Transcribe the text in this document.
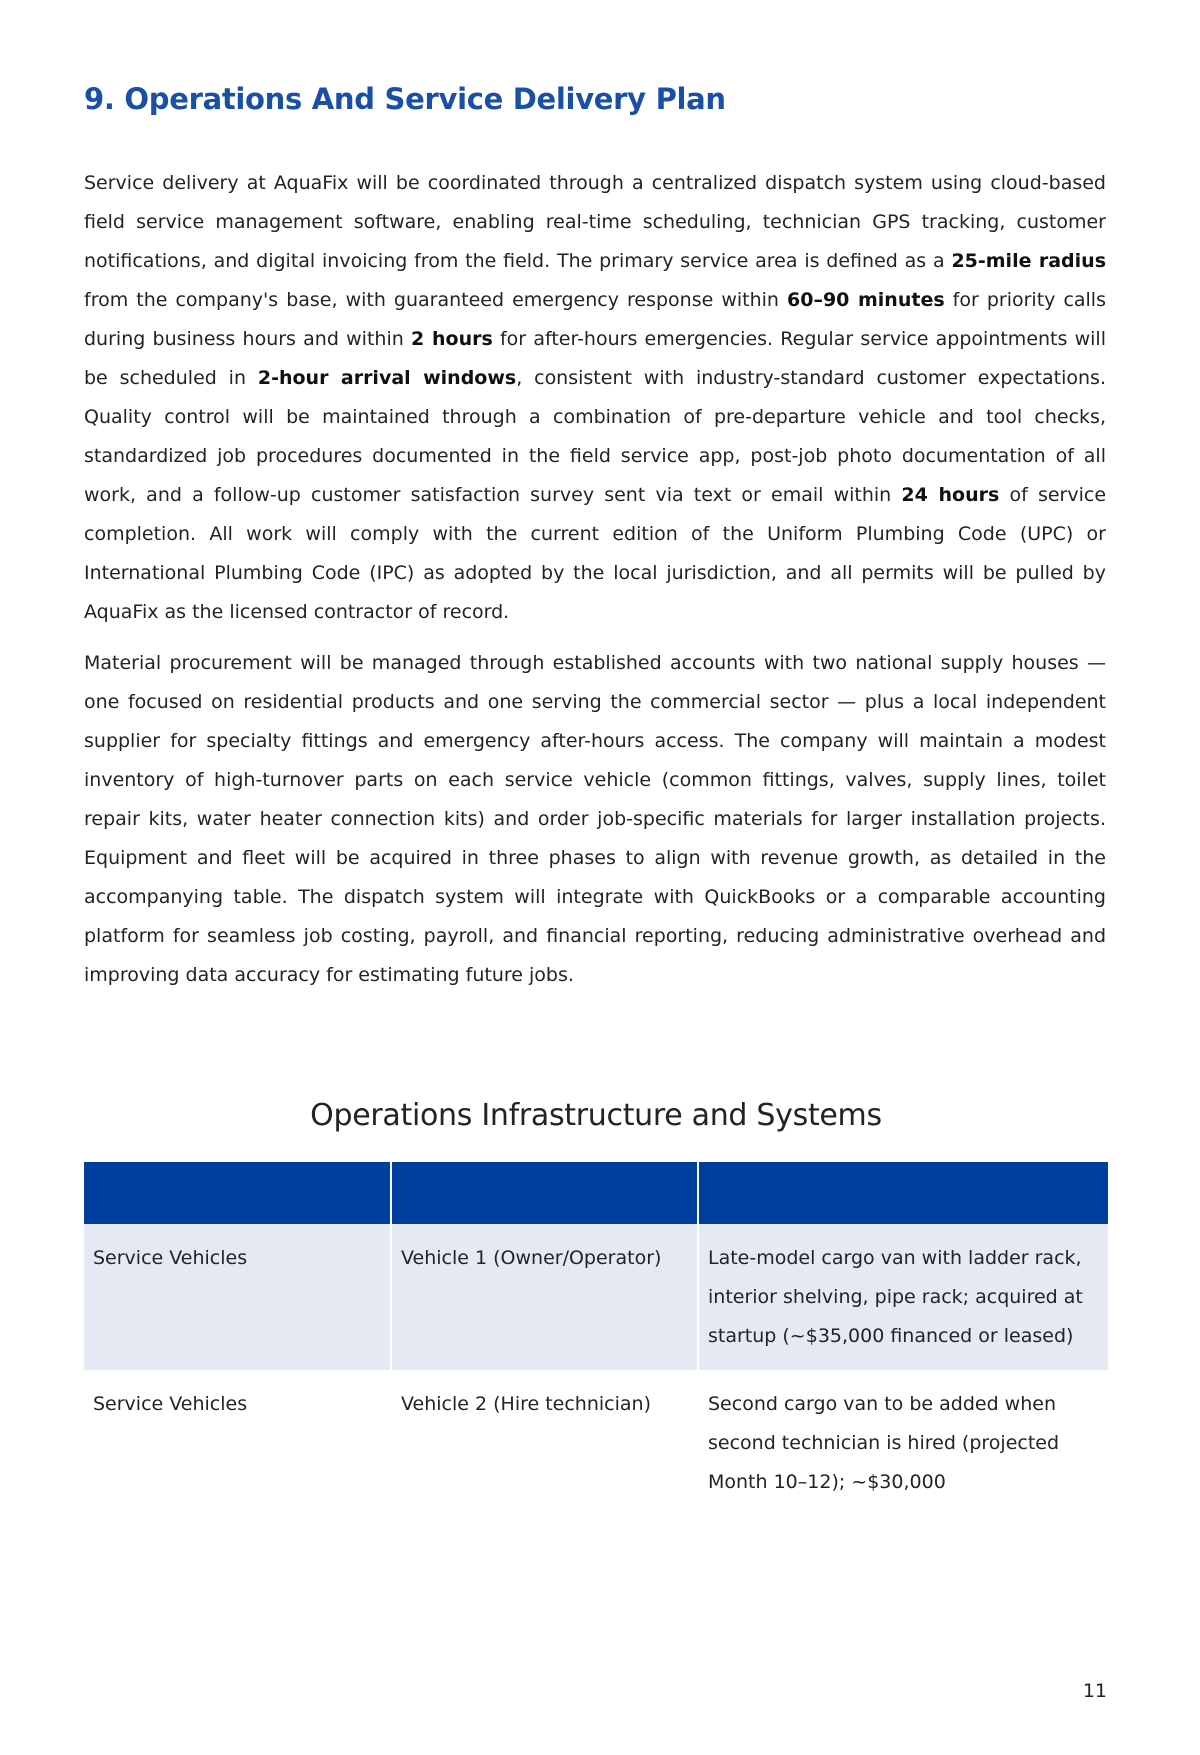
9. Operations And Service Delivery Plan

Service delivery at AquaFix will be coordinated through a centralized dispatch system using cloud-based field service management software, enabling real-time scheduling, technician GPS tracking, customer notifications, and digital invoicing from the field. The primary service area is defined as a 25-mile radius from the company's base, with guaranteed emergency response within 60–90 minutes for priority calls during business hours and within 2 hours for after-hours emergencies. Regular service appointments will be scheduled in 2-hour arrival windows, consistent with industry-standard customer expectations. Quality control will be maintained through a combination of pre-departure vehicle and tool checks, standardized job procedures documented in the field service app, post-job photo documentation of all work, and a follow-up customer satisfaction survey sent via text or email within 24 hours of service completion. All work will comply with the current edition of the Uniform Plumbing Code (UPC) or International Plumbing Code (IPC) as adopted by the local jurisdiction, and all permits will be pulled by AquaFix as the licensed contractor of record.

Material procurement will be managed through established accounts with two national supply houses — one focused on residential products and one serving the commercial sector — plus a local independent supplier for specialty fittings and emergency after-hours access. The company will maintain a modest inventory of high-turnover parts on each service vehicle (common fittings, valves, supply lines, toilet repair kits, water heater connection kits) and order job-specific materials for larger installation projects. Equipment and fleet will be acquired in three phases to align with revenue growth, as detailed in the accompanying table. The dispatch system will integrate with QuickBooks or a comparable accounting platform for seamless job costing, payroll, and financial reporting, reducing administrative overhead and improving data accuracy for estimating future jobs.

Operations Infrastructure and Systems

Service Vehicles	Vehicle 1 (Owner/Operator)	Late-model cargo van with ladder rack, interior shelving, pipe rack; acquired at startup (~$35,000 financed or leased)
Service Vehicles	Vehicle 2 (Hire technician)	Second cargo van to be added when second technician is hired (projected Month 10–12); ~$30,000
11
